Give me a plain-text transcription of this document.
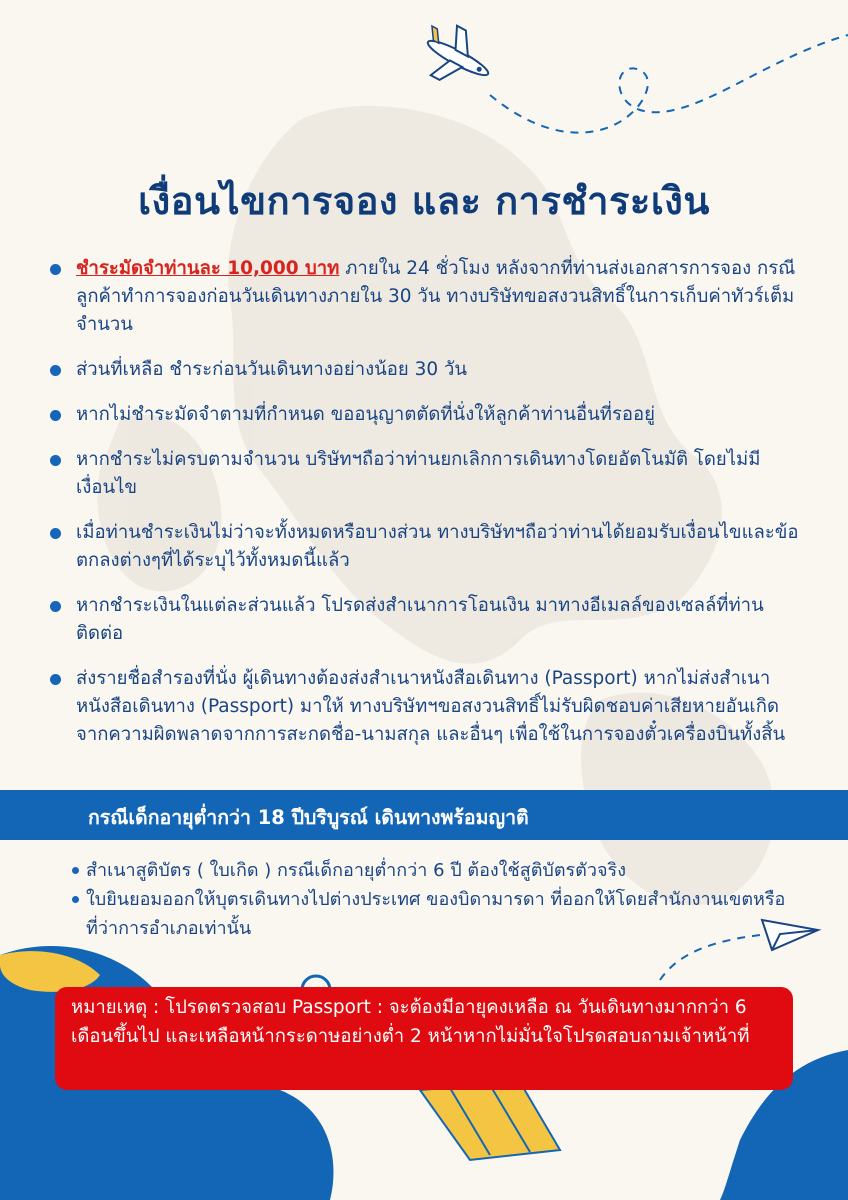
เงื่อนไขการจอง และ การชำระเงิน
ชำระมัดจำท่านละ 10,000 บาท ภายใน 24 ชั่วโมง หลังจากที่ท่านส่งเอกสารการจอง กรณีลูกค้าทำการจองก่อนวันเดินทางภายใน 30 วัน ทางบริษัทขอสงวนสิทธิ์ในการเก็บค่าทัวร์เต็มจำนวน
ส่วนที่เหลือ ชำระก่อนวันเดินทางอย่างน้อย 30 วัน
หากไม่ชำระมัดจำตามที่กำหนด ขออนุญาตตัดที่นั่งให้ลูกค้าท่านอื่นที่รออยู่
หากชำระไม่ครบตามจำนวน บริษัทฯถือว่าท่านยกเลิกการเดินทางโดยอัตโนมัติ โดยไม่มีเงื่อนไข
เมื่อท่านชำระเงินไม่ว่าจะทั้งหมดหรือบางส่วน ทางบริษัทฯถือว่าท่านได้ยอมรับเงื่อนไขและข้อตกลงต่างๆที่ได้ระบุไว้ทั้งหมดนี้แล้ว
หากชำระเงินในแต่ละส่วนแล้ว โปรดส่งสำเนาการโอนเงิน มาทางอีเมลล์ของเซลล์ที่ท่านติดต่อ
ส่งรายชื่อสำรองที่นั่ง ผู้เดินทางต้องส่งสำเนาหนังสือเดินทาง (Passport) หากไม่ส่งสำเนาหนังสือเดินทาง (Passport) มาให้ ทางบริษัทฯขอสงวนสิทธิ์ไม่รับผิดชอบค่าเสียหายอันเกิดจากความผิดพลาดจากการสะกดชื่อ-นามสกุล และอื่นๆ เพื่อใช้ในการจองตั๋วเครื่องบินทั้งสิ้น
กรณีเด็กอายุต่ำกว่า 18 ปีบริบูรณ์ เดินทางพร้อมญาติ
สำเนาสูติบัตร ( ใบเกิด ) กรณีเด็กอายุต่ำกว่า 6 ปี ต้องใช้สูติบัตรตัวจริง
ใบยินยอมออกให้บุตรเดินทางไปต่างประเทศ ของบิดามารดา ที่ออกให้โดยสำนักงานเขตหรือที่ว่าการอำเภอเท่านั้น
หมายเหตุ : โปรดตรวจสอบ Passport : จะต้องมีอายุคงเหลือ ณ วันเดินทางมากกว่า 6 เดือนขึ้นไป และเหลือหน้ากระดาษอย่างต่ำ 2 หน้าหากไม่มั่นใจโปรดสอบถามเจ้าหน้าที่
